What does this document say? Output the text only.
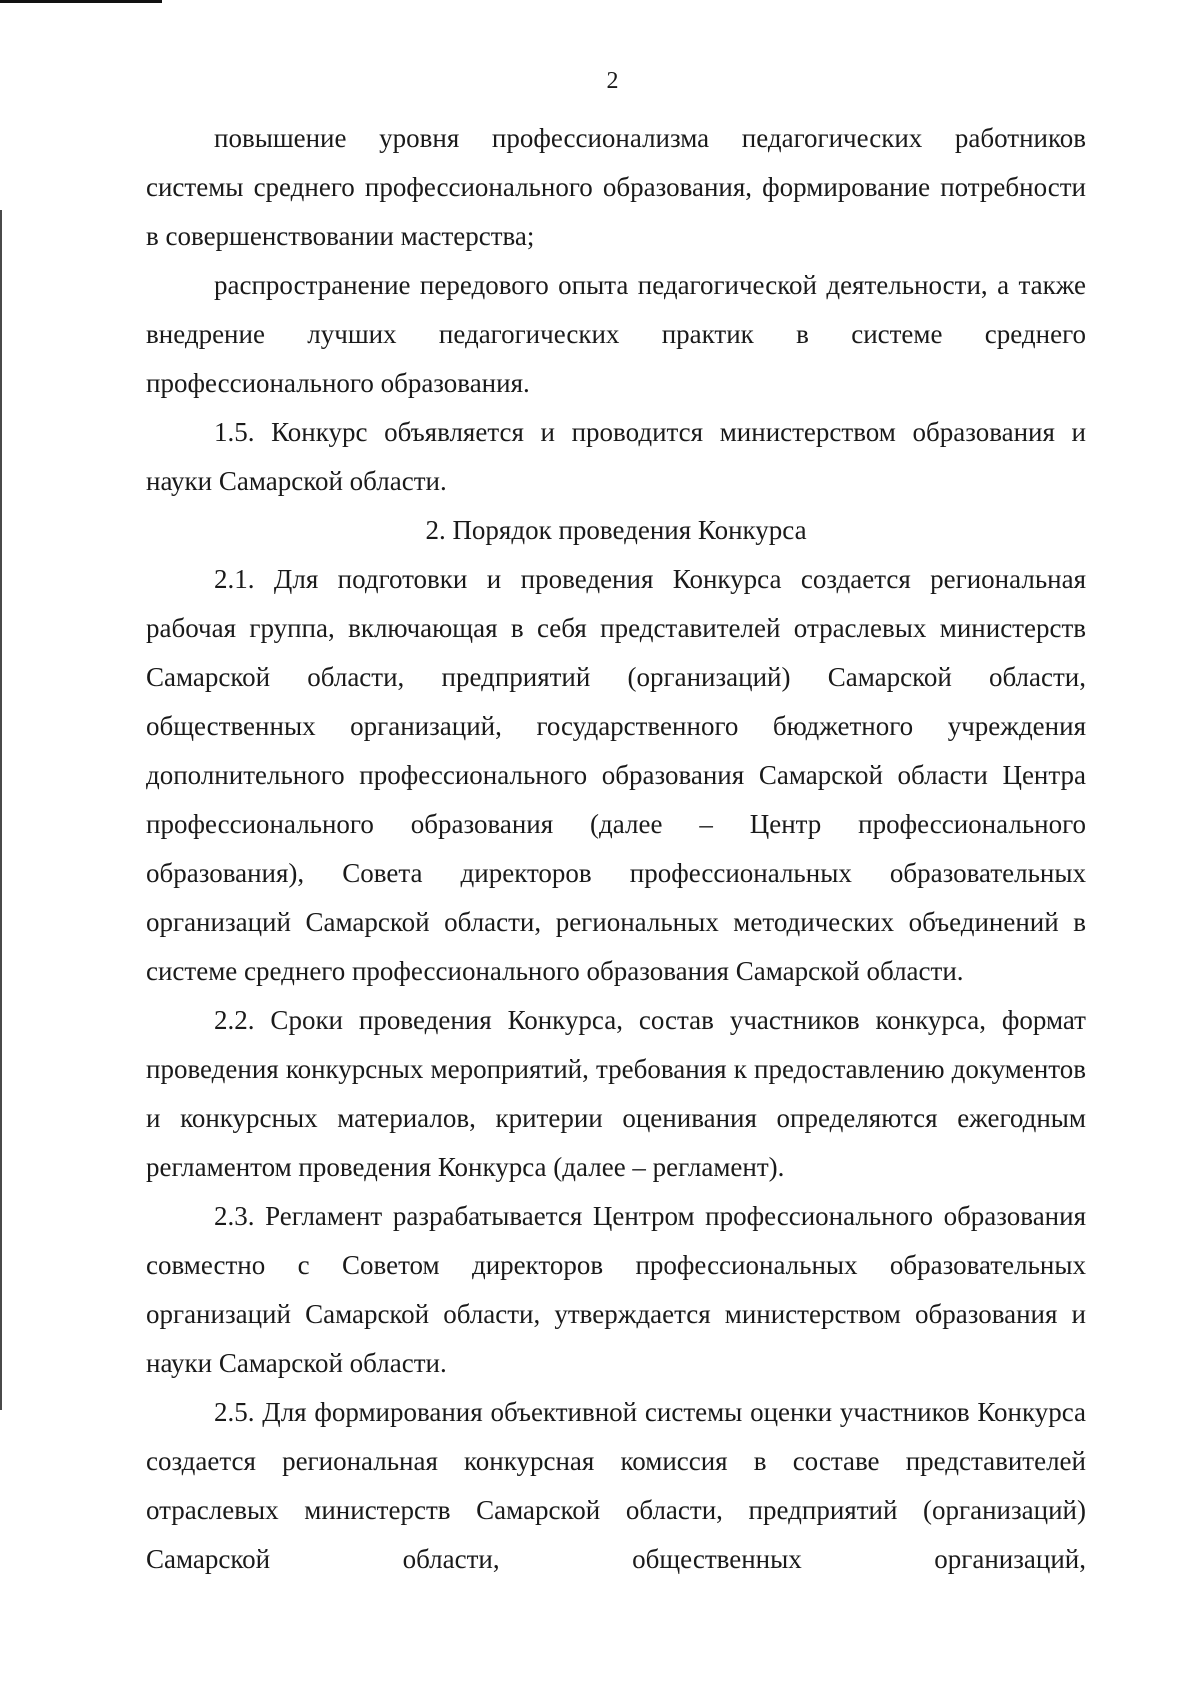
2

повышение уровня профессионализма педагогических работников системы среднего профессионального образования, формирование потребности в совершенствовании мастерства;

распространение передового опыта педагогической деятельности, а также внедрение лучших педагогических практик в системе среднего профессионального образования.

1.5. Конкурс объявляется и проводится министерством образования и науки Самарской области.

2. Порядок проведения Конкурса

2.1. Для подготовки и проведения Конкурса создается региональная рабочая группа, включающая в себя представителей отраслевых министерств Самарской области, предприятий (организаций) Самарской области, общественных организаций, государственного бюджетного учреждения дополнительного профессионального образования Самарской области Центра профессионального образования (далее – Центр профессионального образования), Совета директоров профессиональных образовательных организаций Самарской области, региональных методических объединений в системе среднего профессионального образования Самарской области.

2.2. Сроки проведения Конкурса, состав участников конкурса, формат проведения конкурсных мероприятий, требования к предоставлению документов и конкурсных материалов, критерии оценивания определяются ежегодным регламентом проведения Конкурса (далее – регламент).

2.3. Регламент разрабатывается Центром профессионального образования совместно с Советом директоров профессиональных образовательных организаций Самарской области, утверждается министерством образования и науки Самарской области.

2.5. Для формирования объективной системы оценки участников Конкурса создается региональная конкурсная комиссия в составе представителей отраслевых министерств Самарской области, предприятий (организаций) Самарской области, общественных организаций,
